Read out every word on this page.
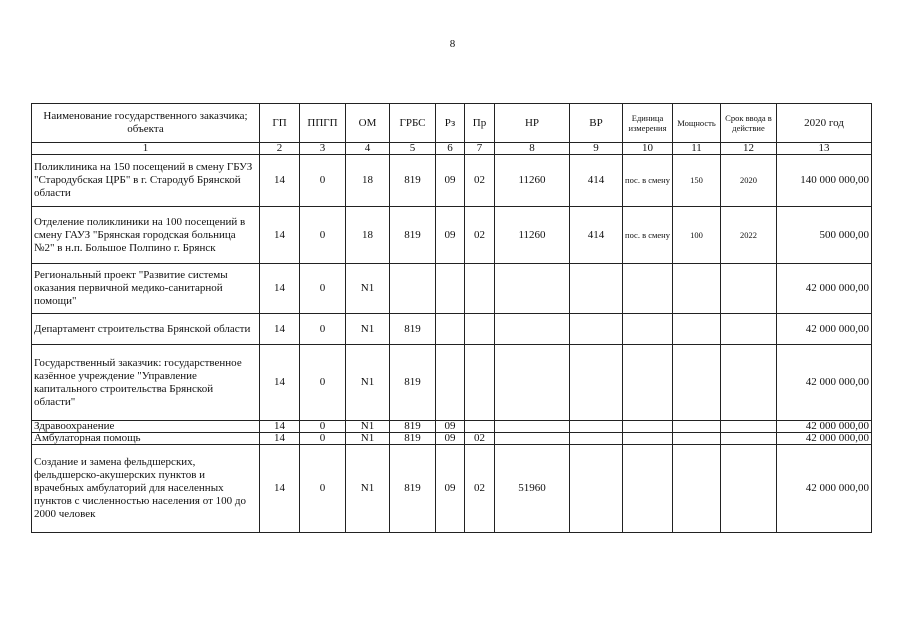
8
Наименование государственного заказчика; объекта	ГП	ППГП	ОМ	ГРБС	Рз	Пр	НР	ВР	Единица измерения	Мощность	Срок ввода в действие	2020 год
1	2	3	4	5	6	7	8	9	10	11	12	13
Поликлиника на 150 посещений в смену ГБУЗ "Стародубская ЦРБ" в г. Стародуб Брянской области	14	0	18	819	09	02	11260	414	пос. в смену	150	2020	140 000 000,00
Отделение поликлиники на 100 посещений в смену ГАУЗ "Брянская городская больница №2" в н.п. Большое Полпино г. Брянск	14	0	18	819	09	02	11260	414	пос. в смену	100	2022	500 000,00
Региональный проект "Развитие системы оказания первичной медико-санитарной помощи"	14	0	N1									42 000 000,00
Департамент строительства Брянской области	14	0	N1	819								42 000 000,00
Государственный заказчик: государственное казённое учреждение "Управление капитального строительства Брянской области"	14	0	N1	819								42 000 000,00
Здравоохранение	14	0	N1	819	09							42 000 000,00
Амбулаторная помощь	14	0	N1	819	09	02						42 000 000,00
Создание и замена фельдшерских, фельдшерско-акушерских пунктов и врачебных амбулаторий для населенных пунктов с численностью населения от 100 до 2000 человек	14	0	N1	819	09	02	51960					42 000 000,00
